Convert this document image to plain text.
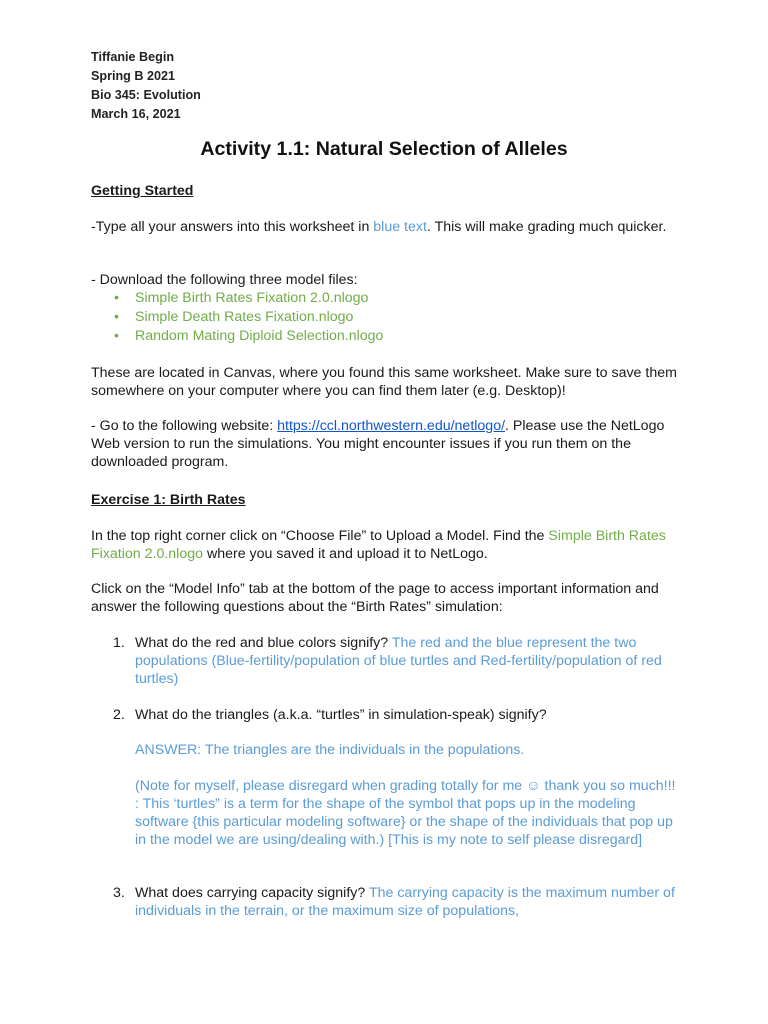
Tiffanie Begin
Spring B 2021
Bio 345: Evolution
March 16, 2021
Activity 1.1: Natural Selection of Alleles
Getting Started
-Type all your answers into this worksheet in blue text. This will make grading much quicker.
- Download the following three model files:
• Simple Birth Rates Fixation 2.0.nlogo
• Simple Death Rates Fixation.nlogo
• Random Mating Diploid Selection.nlogo
These are located in Canvas, where you found this same worksheet. Make sure to save them somewhere on your computer where you can find them later (e.g. Desktop)!
- Go to the following website: https://ccl.northwestern.edu/netlogo/. Please use the NetLogo Web version to run the simulations. You might encounter issues if you run them on the downloaded program.
Exercise 1: Birth Rates
In the top right corner click on “Choose File” to Upload a Model. Find the Simple Birth Rates Fixation 2.0.nlogo where you saved it and upload it to NetLogo.
Click on the “Model Info” tab at the bottom of the page to access important information and answer the following questions about the “Birth Rates” simulation:
1. What do the red and blue colors signify? The red and the blue represent the two populations (Blue-fertility/population of blue turtles and Red-fertility/population of red turtles)
2. What do the triangles (a.k.a. “turtles” in simulation-speak) signify?
ANSWER: The triangles are the individuals in the populations.
(Note for myself, please disregard when grading totally for me ☺ thank you so much!!! : This ‘turtles” is a term for the shape of the symbol that pops up in the modeling software {this particular modeling software} or the shape of the individuals that pop up in the model we are using/dealing with.) [This is my note to self please disregard]
3. What does carrying capacity signify? The carrying capacity is the maximum number of individuals in the terrain, or the maximum size of populations,
